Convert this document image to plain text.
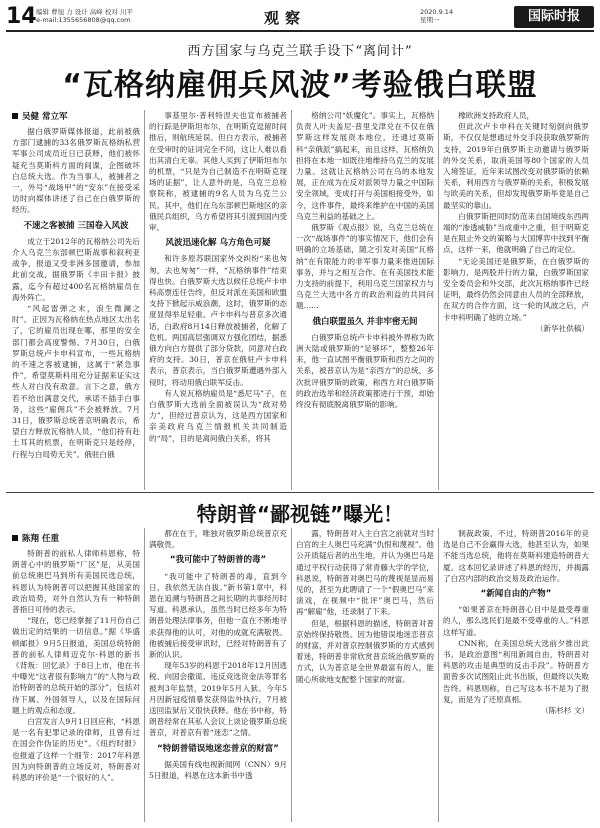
14 编辑 曹旭 力 设计 高峰 校对 川平
e-mail:1355656808@qq.com	观察	2020.9.14
星期一	国际时报
西方国家与乌克兰联手设下“离间计”
“瓦格纳雇佣兵风波”考验俄白联盟
吴健 常立军

据白俄罗斯媒体报道，此前被俄方部门逮捕的33名俄罗斯瓦格纳私营军事公司成员近日已获释，他们被怀疑充当莫斯科方面的间谍，企图破坏白总统大选。作为当事人，被捕者之一，外号“战场甲”的“安东”在接受采访时向媒体讲述了自己在白俄罗斯的经历。

不速之客被捕 三国卷入风波

成立于2012年的瓦格纳公司先后介入乌克兰东部顿巴斯战事和叙利亚战争，报道又受非洲多国邀请，参加此前交战，据俄罗斯《丰田卡报》披露，迄今有超过400名瓦格纳雇员在海外阵亡。

“风起雷弹之末，浪生微澜之时”。正因为瓦格纳在热点地区太出名了，它的雇员出现在哪，那里的安全部门都会高度警惕。7月30日，白俄罗斯总统卢卡申科宣布，一些瓦格纳的不速之客被逮捕，这属于“紧急事件”，希望莫斯科用充分证据来证实这些人对白没有敌意。言下之意，俄方若不给出满意交代，承诺不插手白事务，这些“雇佣兵”不会被释放。7月31日，俄罗斯总统普京明确表示，希望白方释放瓦格纳人员，“他们持有赴土耳其的机票，在明斯克只是经停，行程与白局势无关”。俄驻白俄

事基里尔·普利特涅夫也宣布被捕者的行踪是伊斯坦布尔，在明斯克逗留时间推后，则航班延误。但白方表示，被捕者在受审时的证词完全不同，这让人难以看出其清白无辜。其他人买到了伊斯坦布尔的机票，“只是为自己制造不在明斯克现场的证据”，让人意外的是，乌克兰总检察院称，被逮捕的9名人员为乌克兰公民。其中，他们在乌东部顿巴斯地区的亲俄民兵组织，乌方希望将其引渡到国内受审。

风波迅速化解 乌方角色可疑

和许多原苏联国家外交纠纷“来也匆匆，去也匆匆”一样，“瓦格纳事件”结束得也快。白俄罗斯大选以候任总统卢卡申科高票连任告终，但反对派在美国和欧盟支持下掀起示威浪潮，这时，俄罗斯的态度显得举足轻重。卢卡申科与普京多次通话，白政府8月14日释放被捕者，化解了危机。两国高层强调双方强化团结，据悉俄方向白方提供了部分贷款，同意对白政府的支持。30日，普京在俄驻卢卡申科表示，普京表示，当白俄罗斯遭遇外部入侵时，将动用俄白联军反击。

有人说瓦格纳雇员是“悉尼马”子，在白俄罗斯大选前全面被误认为“敌对势力”，但经过普京认为，这是西方国家和亲美政府乌克兰情报机关共同制造的“局”，目的是离间俄白关系，将其

格纳公司“妖魔化”。事实上，瓦格纳负责人叶夫盖尼·普里戈津兑在不仅在俄罗斯这样发展资本地位，还通过莫斯科“亲俄派”搞起来，而且这样，瓦格纳负担将在本地一如既往地维持乌克兰的发展力量。这就让瓦格纳公司在乌的本地发展，正在成为在反对派领导力量之中国际安全领域，变成打开与美国相接受外，如今，这件事件，最终来维护在中国的美国乌克兰利益的基础之上。

俄罗斯《观点报》说，乌克兰总统在一次“战场事件”的事实情况下，他们会有明确的立场基础，随之引发对美国“瓦格纳”在有限能力的非军事力量来推进国际事务，并与之相互合作。在有美国技术能力支持的前提下，利用乌克兰国家权力与乌克兰大选中各方的政治利益的共同问题……

俄白联盟虽久 并非牢密无间

白俄罗斯总统卢卡申科被外界称为欧洲大陆或俄罗斯的“足够坏”，整整26年来，他一直试图平衡俄罗斯和西方之间的关系，被普京认为是“亲西方”的总统，多次批评俄罗斯的政策，称西方对白俄罗斯的政治选举和经济政策都进行干预，却始终没有彻底脱离俄罗斯的影响。

橡欧洲支持政府人员，

但此次卢卡申科在关键时刻倒向俄罗斯，不仅仅是想通过外交手段获取俄罗斯的支持，2019年白俄罗斯主动邀请与俄罗斯的外交关系，取消美国等80个国家的人员入境签证，近年来试图改变对俄罗斯的依赖关系，利用西方与俄罗斯的关系，积极发展与欧美的关系，但却发现俄罗斯毕竟是自己最坚实的靠山。

白俄罗斯把同时防范来自国境线东西两端的“渗透威胁”当成重中之重，但于明斯克是在阻止外交的策略与大国博弈中找到平衡点，这样一来，他就明确了自己的定位。

“无论美国还是俄罗斯，在白俄罗斯的影响力，是两股并行的力量，白俄罗斯国家安全委员会和外交部，此次瓦格纳事件已经证明，最终仍然会同意由人员的全部释放，在双方的合作方面，这一轮的风波之后，卢卡申科明确了他的立场。”

（新华社供稿）

特朗普“鄙视链”曝光！
陈翔 任重

特朗普的前私人律师科恩称，特朗普心中的俄罗斯“厂区”是，从美国前总统奥巴马到所有美国民选总统，科恩认为特朗普可以把握其他国家的政治局势，对外自然认为有一种特朗普指日可待的表示。

“现在，您已经掌握了11月份自己做出定的结果的一切信息。”据《华盛顿邮报》9月5日报道，美国总统特朗普的前私人律师迈克尔·科恩的新书《背叛：回忆录》于8日上市，他在书中曝光“这者很有影响力”的“人物与政治特朗普的总统开始的部分”，包括对待下属、外国领导人，以及在国际问题上的观点和态度。

白宫发言人9月1日回应称，“科恩是一名有犯罪记录的律师，且曾有过在国会作伪证的历史”。《纽约时报》也报道了这样一个细节：2017年科恩因为向特朗普的立场反对，特朗普对科恩的评价是“一个很好的人”。

都在在于，唯独对俄罗斯总统普京充满敬畏。

“我可能中了特朗普的毒”

“我可能中了特朗普的毒，直到今日，我依然无法自拔。”新书第1章中，科恩在追溯与特朗普之间长期的共事经历时写道。科恩承认，虽然当时已经多年为特朗普处理法律事务，但他一直在不断地寻求获得他的认可，对他的成就充满敬畏。他被捕后接受审讯时，已经对特朗普有了新的认识。

现年53岁的科恩于2018年12月因逃税、向国会撒谎、违反竞选资金法等罪名被判3年监禁，2019年5月入狱。今年5月因新冠疫情暴发获得监外执行，7月被送回监狱后又很快获释。他在书中称，特朗普经常在其私人会议上谈论俄罗斯总统普京，对普京有着“迷恋”之情。

“特朗普错误地迷恋普京的财富”

据美国有线电视新闻网（CNN）9月5日报道，科恩在这本新书中透

露，特朗普对入主白宫之前就对当时白宫的主人奥巴马充满“仇恨和蔑视”。他公开质疑后者的出生地，并认为奥巴马是通过平权行动获得了常青藤大学的学位，科恩说，特朗普对奥巴马的蔑视是显而易见的，甚至为此聘请了一个“假奥巴马”来演戏，在视频中“批评”奥巴马，然后再“解雇”他，还录制了下来。

但是，根据科恩的描述，特朗普对普京始终保持敬畏。因为他错误地迷恋普京的财富，并对普京控制俄罗斯的方式感到着迷，特朗普非常欣赏普京统治俄罗斯的方式，认为普京是全世界最富有的人，能随心所欲地支配整个国家的财富。

制裁政策，不过，特朗普2016年的竞选是自己不会赢得大选，他甚至认为，如果不能当选总统，他将在莫斯科建造特朗普大厦。这本回忆录讲述了科恩的经历，并揭露了白宫内部的政治交易及政治运作。

“新闻自由的产物”

“如果普京在特朗普心目中是最受尊重的人，那么选民们是最不受尊重的人。”科恩这样写道。

CNN称，在美国总统大选前夕推出此书，是政治意图“利用新闻自由，特朗普对科恩的攻击是典型的反击手段”。特朗普方面曾多次试图阻止此书出版，但最终以失败告终。科恩则称，自己写这本书不是为了报复，而是为了还原真相。

（陈杉杉 文）
